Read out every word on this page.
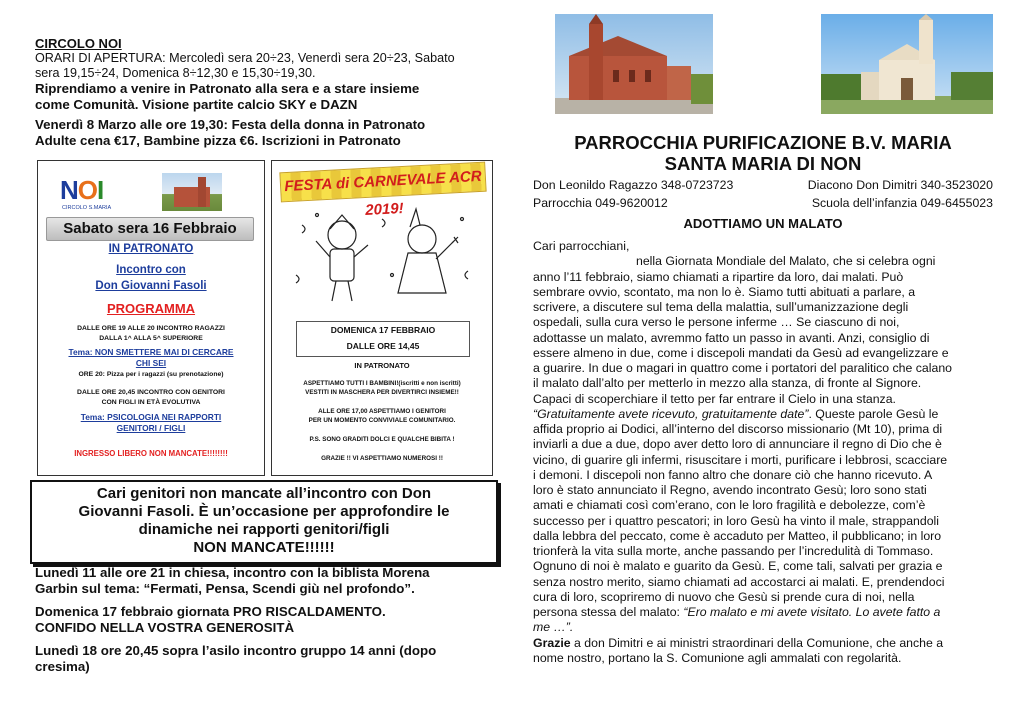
CIRCOLO NOI
ORARI DI APERTURA: Mercoledì sera 20÷23, Venerdì sera 20÷23, Sabato
sera 19,15÷24, Domenica 8÷12,30 e 15,30÷19,30.
Riprendiamo a venire in Patronato alla sera e a stare insieme
come Comunità. Visione partite calcio SKY e DAZN
Venerdì 8 Marzo alle ore 19,30: Festa della donna in Patronato
Adulte cena €17, Bambine pizza €6. Iscrizioni in Patronato
NOI
CIRCOLO S.MARIA
Sabato sera 16 Febbraio
IN PATRONATO
Incontro con
Don Giovanni Fasoli
PROGRAMMA
DALLE ORE 19 ALLE 20 INCONTRO RAGAZZI
DALLA 1^ ALLA 5^ SUPERIORE
Tema: NON SMETTERE MAI DI CERCARE
CHI SEI
ORE 20: Pizza per i ragazzi (su prenotazione)
DALLE ORE 20,45 INCONTRO CON GENITORI
CON FIGLI IN ETÀ EVOLUTIVA
Tema: PSICOLOGIA NEI RAPPORTI
GENITORI / FIGLI
INGRESSO LIBERO NON MANCATE!!!!!!!!
FESTA di CARNEVALE ACR 2019!
DOMENICA 17 FEBBRAIO
DALLE ORE 14,45
IN PATRONATO
ASPETTIAMO TUTTI I BAMBINI!(iscritti e non iscritti)
VESTITI IN MASCHERA PER DIVERTIRCI INSIEME!!
ALLE ORE 17,00 ASPETTIAMO I GENITORI
PER UN MOMENTO CONVIVIALE COMUNITARIO.
P.S. SONO GRADITI DOLCI E QUALCHE BIBITA !
GRAZIE !! VI ASPETTIAMO NUMEROSI !!
Cari genitori non mancate all’incontro con Don
Giovanni Fasoli. È un’occasione per approfondire le
dinamiche nei rapporti genitori/figli
NON MANCATE!!!!!!

Lunedì 11 alle ore 21 in chiesa, incontro con la biblista Morena
Garbin sul tema: “Fermati, Pensa, Scendi giù nel profondo”.

Domenica 17 febbraio giornata PRO RISCALDAMENTO.
CONFIDO NELLA VOSTRA GENEROSITÀ

Lunedì 18 ore 20,45 sopra l’asilo incontro gruppo 14 anni (dopo
cresima)

PARROCCHIA PURIFICAZIONE B.V. MARIA
SANTA MARIA DI NON
Don Leonildo Ragazzo 348-0723723	Diacono Don Dimitri 340-3523020
Parrocchia 049-9620012	Scuola dell’infanzia 049-6455023
ADOTTIAMO UN MALATO
Cari parrocchiani,
nella Giornata Mondiale del Malato, che si celebra ogni
anno l’11 febbraio, siamo chiamati a ripartire da loro, dai malati. Può
sembrare ovvio, scontato, ma non lo è. Siamo tutti abituati a parlare, a
scrivere, a discutere sul tema della malattia, sull’umanizzazione degli
ospedali, sulla cura verso le persone inferme … Se ciascuno di noi,
adottasse un malato, avremmo fatto un passo in avanti. Anzi, consiglio di
essere almeno in due, come i discepoli mandati da Gesù ad evangelizzare e
a guarire. In due o magari in quattro come i portatori del paralitico che calano
il malato dall’alto per metterlo in mezzo alla stanza, di fronte al Signore.
Capaci di scoperchiare il tetto per far entrare il Cielo in una stanza.
“Gratuitamente avete ricevuto, gratuitamente date”. Queste parole Gesù le
affida proprio ai Dodici, all’interno del discorso missionario (Mt 10), prima di
inviarli a due a due, dopo aver detto loro di annunciare il regno di Dio che è
vicino, di guarire gli infermi, risuscitare i morti, purificare i lebbrosi, scacciare
i demoni. I discepoli non fanno altro che donare ciò che hanno ricevuto. A
loro è stato annunciato il Regno, avendo incontrato Gesù; loro sono stati
amati e chiamati così com’erano, con le loro fragilità e debolezze, com’è
successo per i quattro pescatori; in loro Gesù ha vinto il male, strappandoli
dalla lebbra del peccato, come è accaduto per Matteo, il pubblicano; in loro
trionferà la vita sulla morte, anche passando per l’incredulità di Tommaso.
Ognuno di noi è malato e guarito da Gesù. E, come tali, salvati per grazia e
senza nostro merito, siamo chiamati ad accostarci ai malati. E, prendendoci
cura di loro, scopriremo di nuovo che Gesù si prende cura di noi, nella
persona stessa del malato: “Ero malato e mi avete visitato. Lo avete fatto a
me …”.
Grazie a don Dimitri e ai ministri straordinari della Comunione, che anche a
nome nostro, portano la S. Comunione agli ammalati con regolarità.
